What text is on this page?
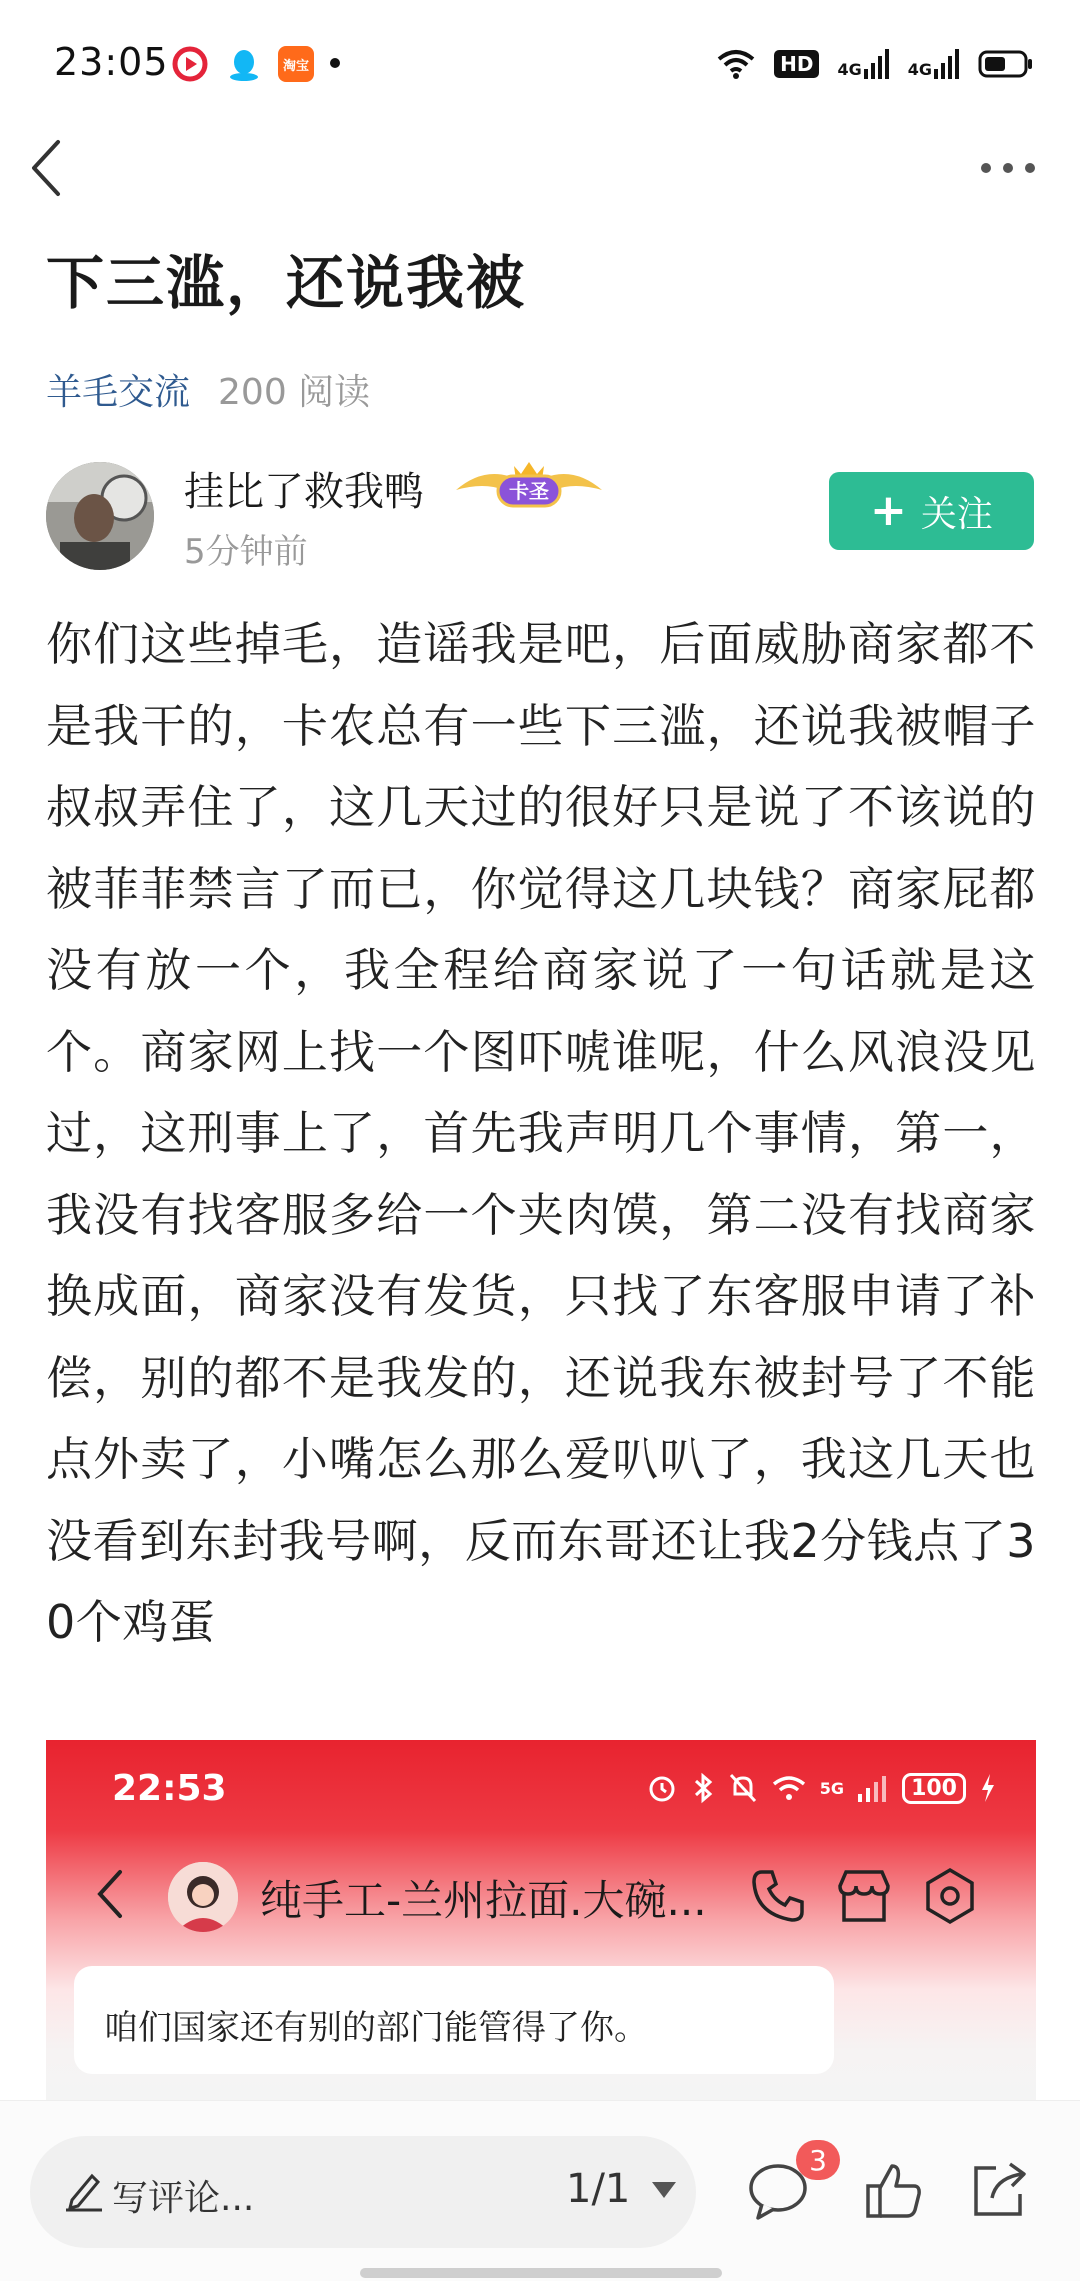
23:05	淘宝	HD	4G	4G
下三滥，还说我被
羊毛交流 200 阅读
挂比了救我鸭	卡圣
5分钟前
+ 关注
你们这些掉毛，造谣我是吧，后面威胁商家都不是我干的，卡农总有一些下三滥，还说我被帽子叔叔弄住了，这几天过的很好只是说了不该说的被菲菲禁言了而已，你觉得这几块钱？商家屁都没有放一个，我全程给商家说了一句话就是这个。商家网上找一个图吓唬谁呢，什么风浪没见过，这刑事上了，首先我声明几个事情，第一，我没有找客服多给一个夹肉馍，第二没有找商家换成面，商家没有发货，只找了东客服申请了补偿，别的都不是我发的，还说我东被封号了不能点外卖了，小嘴怎么那么爱叭叭了，我这几天也没看到东封我号啊，反而东哥还让我2分钱点了30个鸡蛋
22:53	5G	100
纯手工-兰州拉面.大碗...
咱们国家还有别的部门能管得了你。
写评论...	1/1
3
